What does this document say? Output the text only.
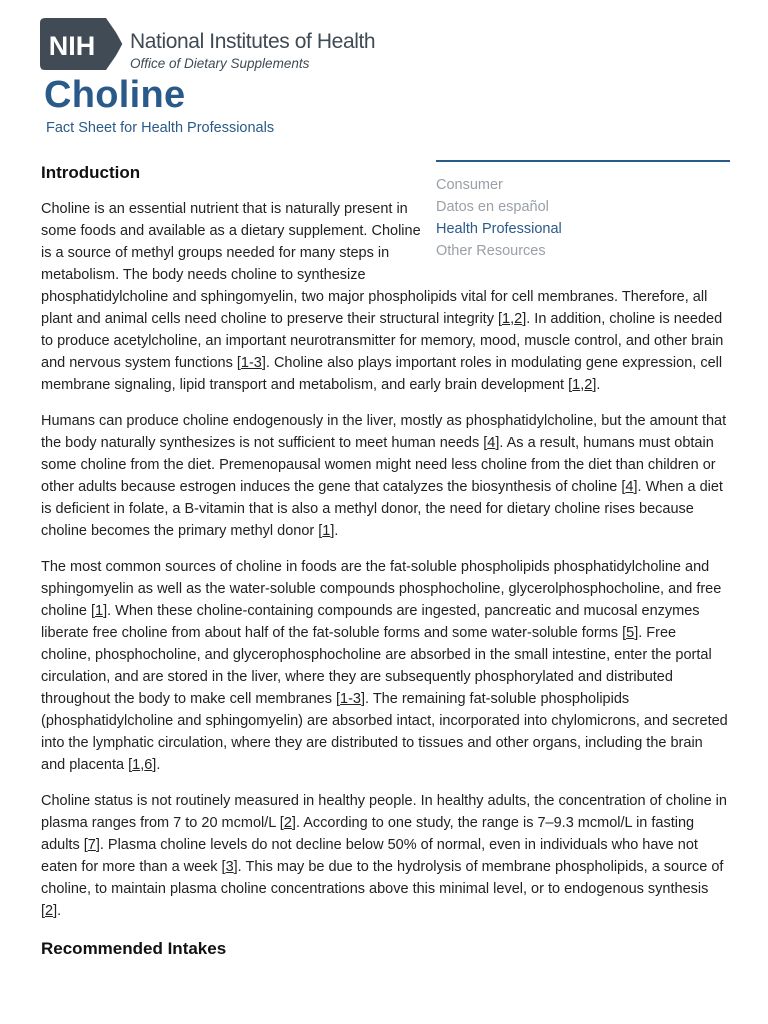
NIH National Institutes of Health
Office of Dietary Supplements
Choline
Fact Sheet for Health Professionals
Consumer
Datos en español
Health Professional
Other Resources
Introduction

Choline is an essential nutrient that is naturally present in some foods and available as a dietary supplement. Choline is a source of methyl groups needed for many steps in metabolism. The body needs choline to synthesize phosphatidylcholine and sphingomyelin, two major phospholipids vital for cell membranes. Therefore, all plant and animal cells need choline to preserve their structural integrity [1,2]. In addition, choline is needed to produce acetylcholine, an important neurotransmitter for memory, mood, muscle control, and other brain and nervous system functions [1-3]. Choline also plays important roles in modulating gene expression, cell membrane signaling, lipid transport and metabolism, and early brain development [1,2].

Humans can produce choline endogenously in the liver, mostly as phosphatidylcholine, but the amount that the body naturally synthesizes is not sufficient to meet human needs [4]. As a result, humans must obtain some choline from the diet. Premenopausal women might need less choline from the diet than children or other adults because estrogen induces the gene that catalyzes the biosynthesis of choline [4]. When a diet is deficient in folate, a B-vitamin that is also a methyl donor, the need for dietary choline rises because choline becomes the primary methyl donor [1].

The most common sources of choline in foods are the fat-soluble phospholipids phosphatidylcholine and sphingomyelin as well as the water-soluble compounds phosphocholine, glycerolphosphocholine, and free choline [1]. When these choline-containing compounds are ingested, pancreatic and mucosal enzymes liberate free choline from about half of the fat-soluble forms and some water-soluble forms [5]. Free choline, phosphocholine, and glycerophosphocholine are absorbed in the small intestine, enter the portal circulation, and are stored in the liver, where they are subsequently phosphorylated and distributed throughout the body to make cell membranes [1-3]. The remaining fat-soluble phospholipids (phosphatidylcholine and sphingomyelin) are absorbed intact, incorporated into chylomicrons, and secreted into the lymphatic circulation, where they are distributed to tissues and other organs, including the brain and placenta [1,6].

Choline status is not routinely measured in healthy people. In healthy adults, the concentration of choline in plasma ranges from 7 to 20 mcmol/L [2]. According to one study, the range is 7–9.3 mcmol/L in fasting adults [7]. Plasma choline levels do not decline below 50% of normal, even in individuals who have not eaten for more than a week [3]. This may be due to the hydrolysis of membrane phospholipids, a source of choline, to maintain plasma choline concentrations above this minimal level, or to endogenous synthesis [2].

Recommended Intakes
